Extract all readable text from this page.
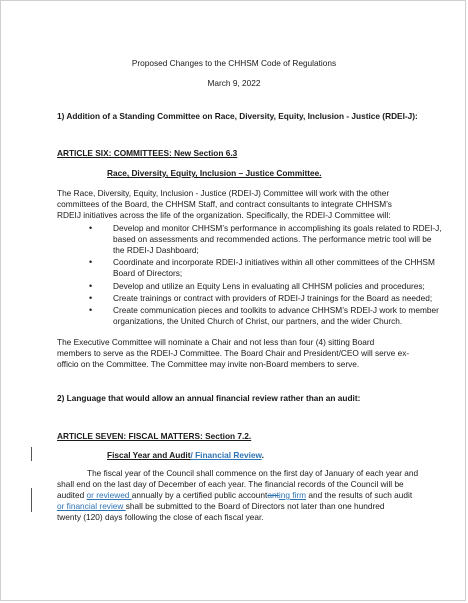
Proposed Changes to the CHHSM Code of Regulations
March 9, 2022
1) Addition of a Standing Committee on Race, Diversity, Equity, Inclusion - Justice (RDEI-J):
ARTICLE SIX: COMMITTEES: New Section 6.3
Race, Diversity, Equity, Inclusion – Justice Committee.
The Race, Diversity, Equity, Inclusion - Justice (RDEI-J) Committee will work with the other
committees of the Board, the CHHSM Staff, and contract consultants to integrate CHHSM’s
RDEIJ initiatives across the life of the organization. Specifically, the RDEI-J Committee will:
•	Develop and monitor CHHSM’s performance in accomplishing its goals related to RDEI-J,
based on assessments and recommended actions. The performance metric tool will be
the RDEI-J Dashboard;
•	Coordinate and incorporate RDEI-J initiatives within all other committees of the CHHSM
Board of Directors;
•	Develop and utilize an Equity Lens in evaluating all CHHSM policies and procedures;
•	Create trainings or contract with providers of RDEI-J trainings for the Board as needed;
•	Create communication pieces and toolkits to advance CHHSM’s RDEI-J work to member
organizations, the United Church of Christ, our partners, and the wider Church.
The Executive Committee will nominate a Chair and not less than four (4) sitting Board
members to serve as the RDEI-J Committee. The Board Chair and President/CEO will serve ex-
officio on the Committee. The Committee may invite non-Board members to serve.
2) Language that would allow an annual financial review rather than an audit:
ARTICLE SEVEN: FISCAL MATTERS: Section 7.2.
Fiscal Year and Audit/ Financial Review.
The fiscal year of the Council shall commence on the first day of January of each year and
shall end on the last day of December of each year. The financial records of the Council will be
audited or reviewed annually by a certified public accountanting firm and the results of such audit
or financial review shall be submitted to the Board of Directors not later than one hundred
twenty (120) days following the close of each fiscal year.
